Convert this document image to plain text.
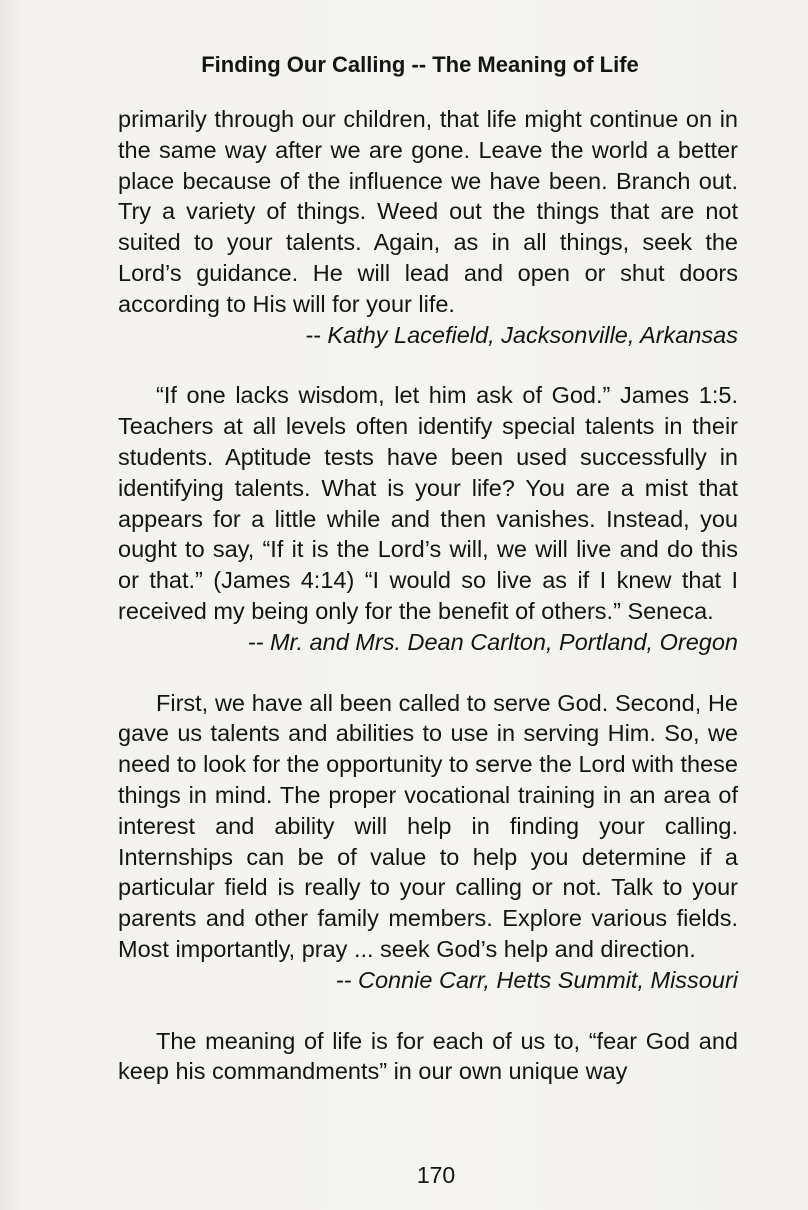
Finding Our Calling -- The Meaning of Life

primarily through our children, that life might continue on in the same way after we are gone. Leave the world a better place because of the influence we have been. Branch out. Try a variety of things. Weed out the things that are not suited to your talents. Again, as in all things, seek the Lord’s guidance. He will lead and open or shut doors according to His will for your life.

-- Kathy Lacefield, Jacksonville, Arkansas

“If one lacks wisdom, let him ask of God.” James 1:5. Teachers at all levels often identify special talents in their students. Aptitude tests have been used successfully in identifying talents. What is your life? You are a mist that appears for a little while and then vanishes. Instead, you ought to say, “If it is the Lord’s will, we will live and do this or that.” (James 4:14) “I would so live as if I knew that I received my being only for the benefit of others.” Seneca.

-- Mr. and Mrs. Dean Carlton, Portland, Oregon

First, we have all been called to serve God. Second, He gave us talents and abilities to use in serving Him. So, we need to look for the opportunity to serve the Lord with these things in mind. The proper vocational training in an area of interest and ability will help in finding your calling. Internships can be of value to help you determine if a particular field is really to your calling or not. Talk to your parents and other family members. Explore various fields. Most importantly, pray ... seek God’s help and direction.

-- Connie Carr, Hetts Summit, Missouri

The meaning of life is for each of us to, “fear God and keep his commandments” in our own unique way

170
